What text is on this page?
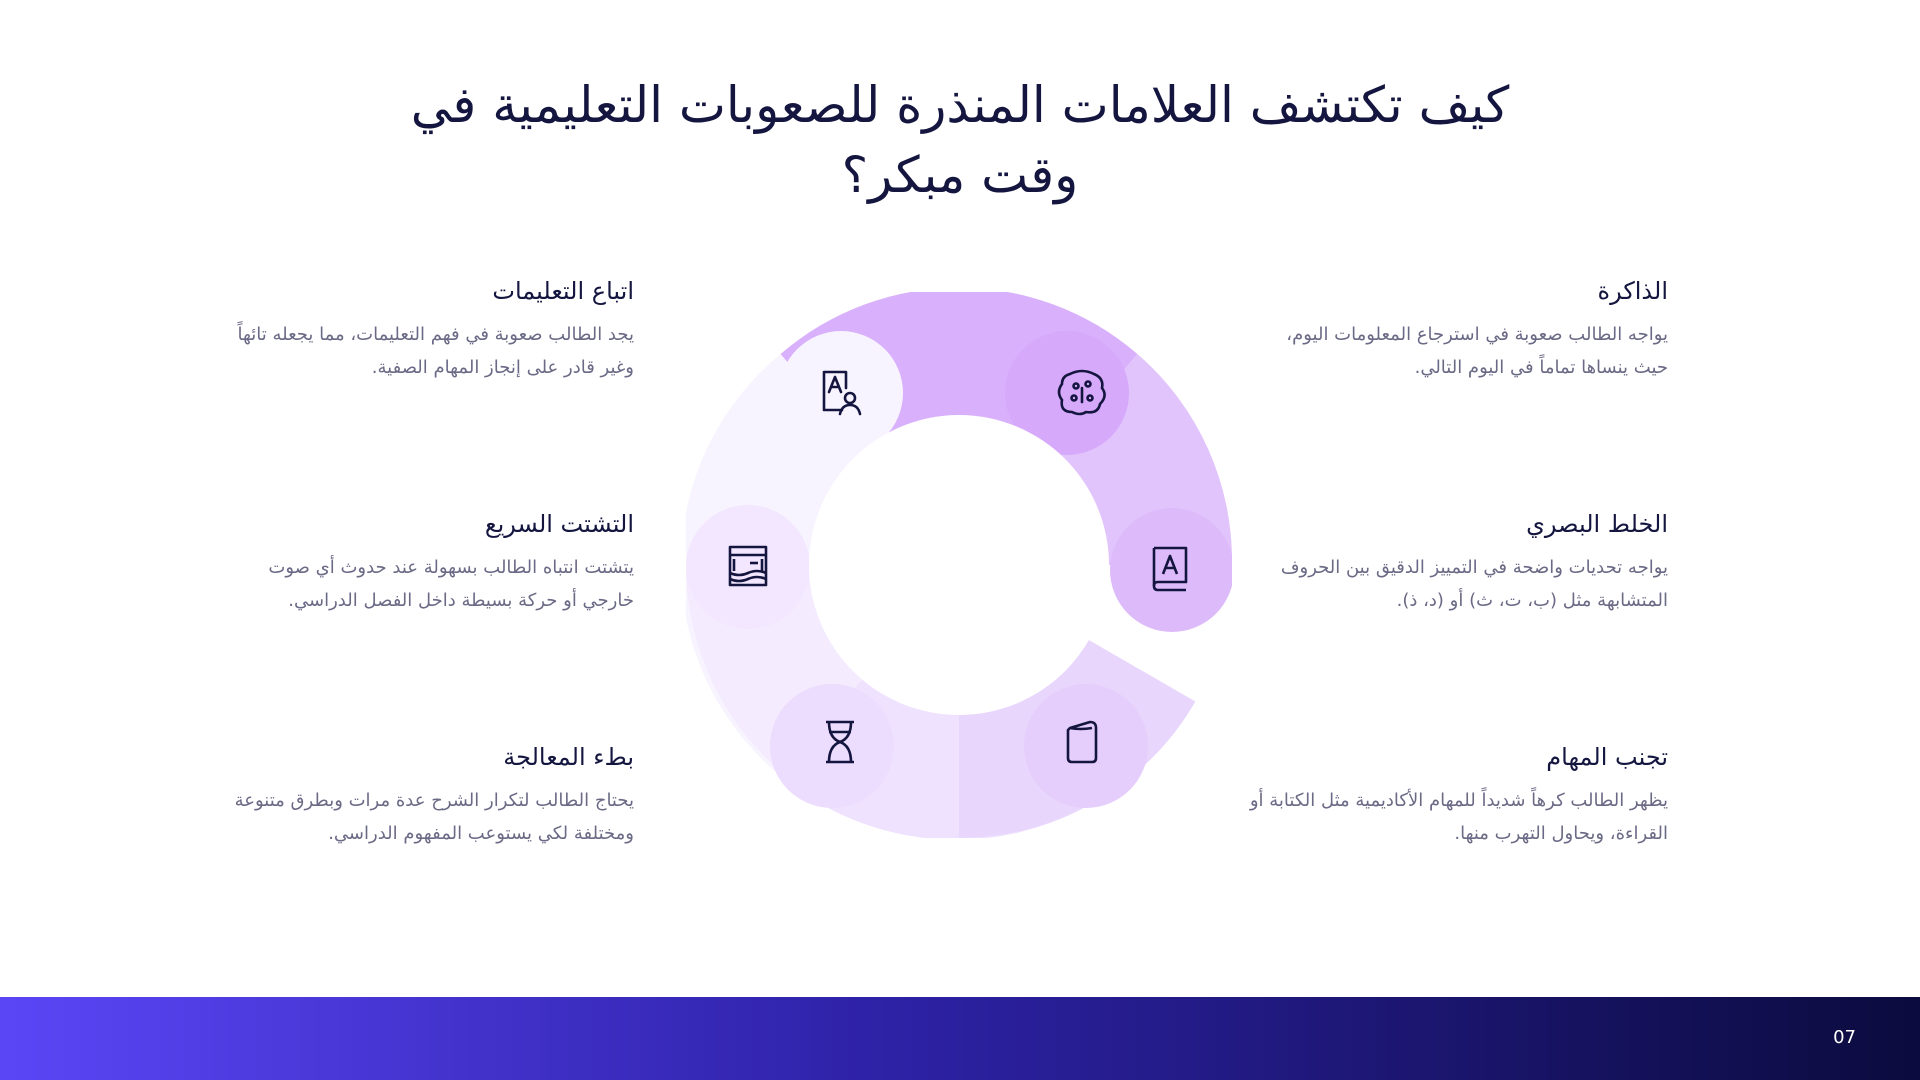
كيف تكتشف العلامات المنذرة للصعوبات التعليمية في وقت مبكر؟
الذاكرة
يواجه الطالب صعوبة في استرجاع المعلومات اليوم، حيث ينساها تماماً في اليوم التالي.
الخلط البصري
يواجه تحديات واضحة في التمييز الدقيق بين الحروف المتشابهة مثل (ب، ت، ث) أو (د، ذ).
تجنب المهام
يظهر الطالب كرهاً شديداً للمهام الأكاديمية مثل الكتابة أو القراءة، ويحاول التهرب منها.
اتباع التعليمات
يجد الطالب صعوبة في فهم التعليمات، مما يجعله تائهاً وغير قادر على إنجاز المهام الصفية.
التشتت السريع
يتشتت انتباه الطالب بسهولة عند حدوث أي صوت خارجي أو حركة بسيطة داخل الفصل الدراسي.
بطء المعالجة
يحتاج الطالب لتكرار الشرح عدة مرات وبطرق متنوعة ومختلفة لكي يستوعب المفهوم الدراسي.
07
